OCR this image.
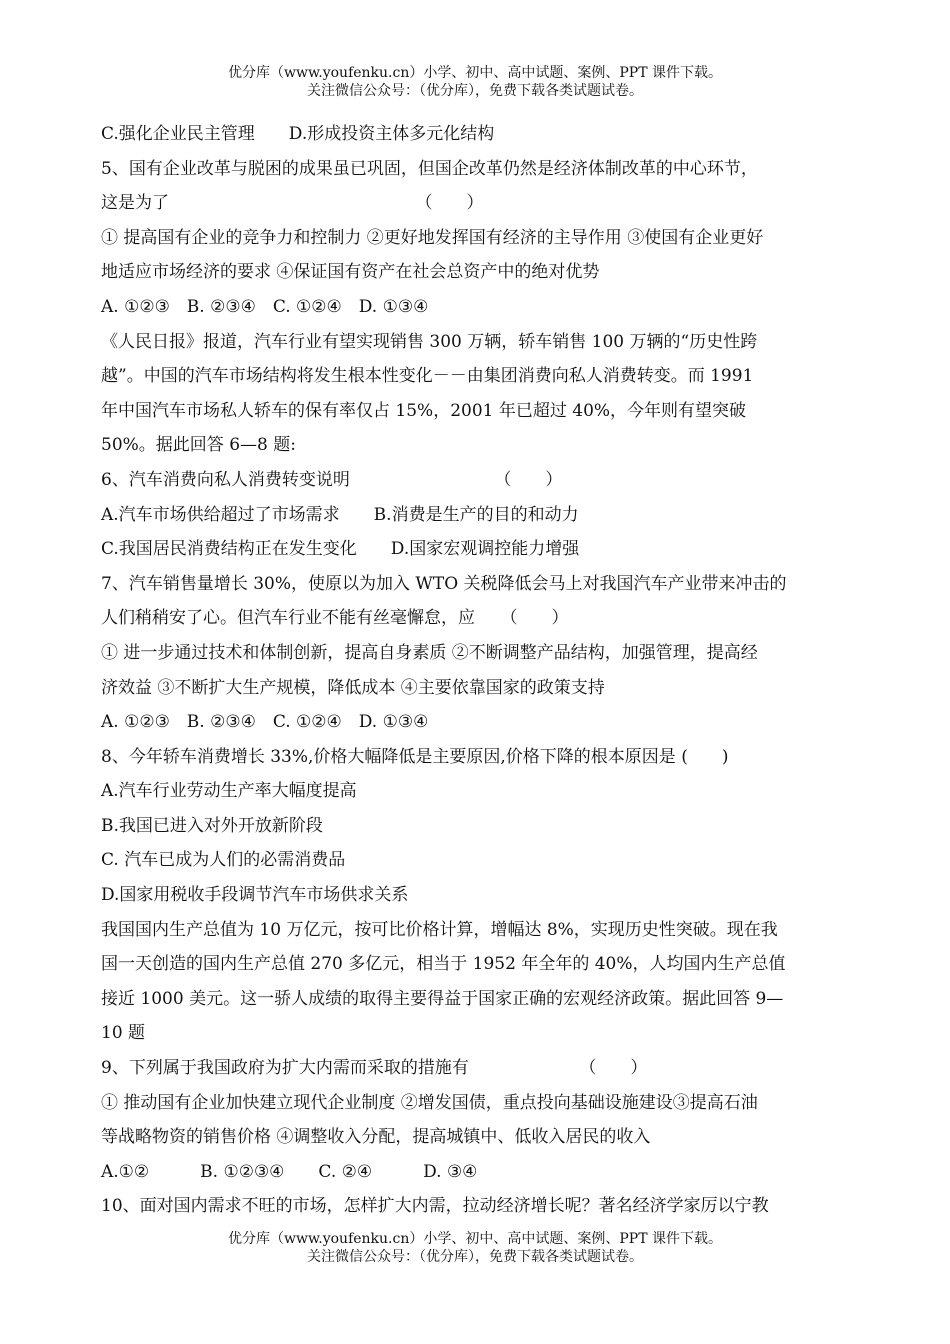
优分库（www.youfenku.cn）小学、初中、高中试题、案例、PPT 课件下载。
关注微信公众号：（优分库），免费下载各类试题试卷。
C.强化企业民主管理　　D.形成投资主体多元化结构
5、国有企业改革与脱困的成果虽已巩固，但国企改革仍然是经济体制改革的中心环节，
这是为了　　　　　　　　　　　　　　　（　　）
① 提高国有企业的竞争力和控制力 ②更好地发挥国有经济的主导作用 ③使国有企业更好
地适应市场经济的要求 ④保证国有资产在社会总资产中的绝对优势
A. ①②③　B. ②③④　C. ①②④　D. ①③④
《人民日报》报道，汽车行业有望实现销售 300 万辆，轿车销售 100 万辆的“历史性跨
越”。中国的汽车市场结构将发生根本性变化－－由集团消费向私人消费转变。而 1991
年中国汽车市场私人轿车的保有率仅占 15%，2001 年已超过 40%，今年则有望突破
50%。据此回答 6—8 题:
6、汽车消费向私人消费转变说明　　　　　　　　　（　　）
A.汽车市场供给超过了市场需求　　B.消费是生产的目的和动力
C.我国居民消费结构正在发生变化　　D.国家宏观调控能力增强
7、汽车销售量增长 30%，使原以为加入 WTO 关税降低会马上对我国汽车产业带来冲击的
人们稍稍安了心。但汽车行业不能有丝毫懈怠，应　　（　　）
① 进一步通过技术和体制创新，提高自身素质 ②不断调整产品结构，加强管理，提高经
济效益 ③不断扩大生产规模，降低成本 ④主要依靠国家的政策支持
A. ①②③　B. ②③④　C. ①②④　D. ①③④
8、今年轿车消费增长 33%,价格大幅降低是主要原因,价格下降的根本原因是 (　　)
A.汽车行业劳动生产率大幅度提高
B.我国已进入对外开放新阶段
C. 汽车已成为人们的必需消费品
D.国家用税收手段调节汽车市场供求关系
我国国内生产总值为 10 万亿元，按可比价格计算，增幅达 8%，实现历史性突破。现在我
国一天创造的国内生产总值 270 多亿元，相当于 1952 年全年的 40%，人均国内生产总值
接近 1000 美元。这一骄人成绩的取得主要得益于国家正确的宏观经济政策。据此回答 9—
10 题
9、下列属于我国政府为扩大内需而采取的措施有　　　　　　　（　　）
① 推动国有企业加快建立现代企业制度 ②增发国债，重点投向基础设施建设③提高石油
等战略物资的销售价格 ④调整收入分配，提高城镇中、低收入居民的收入
A.①②　　　B. ①②③④　　C. ②④　　　D. ③④
10、面对国内需求不旺的市场，怎样扩大内需，拉动经济增长呢？著名经济学家厉以宁教
优分库（www.youfenku.cn）小学、初中、高中试题、案例、PPT 课件下载。
关注微信公众号：（优分库），免费下载各类试题试卷。
